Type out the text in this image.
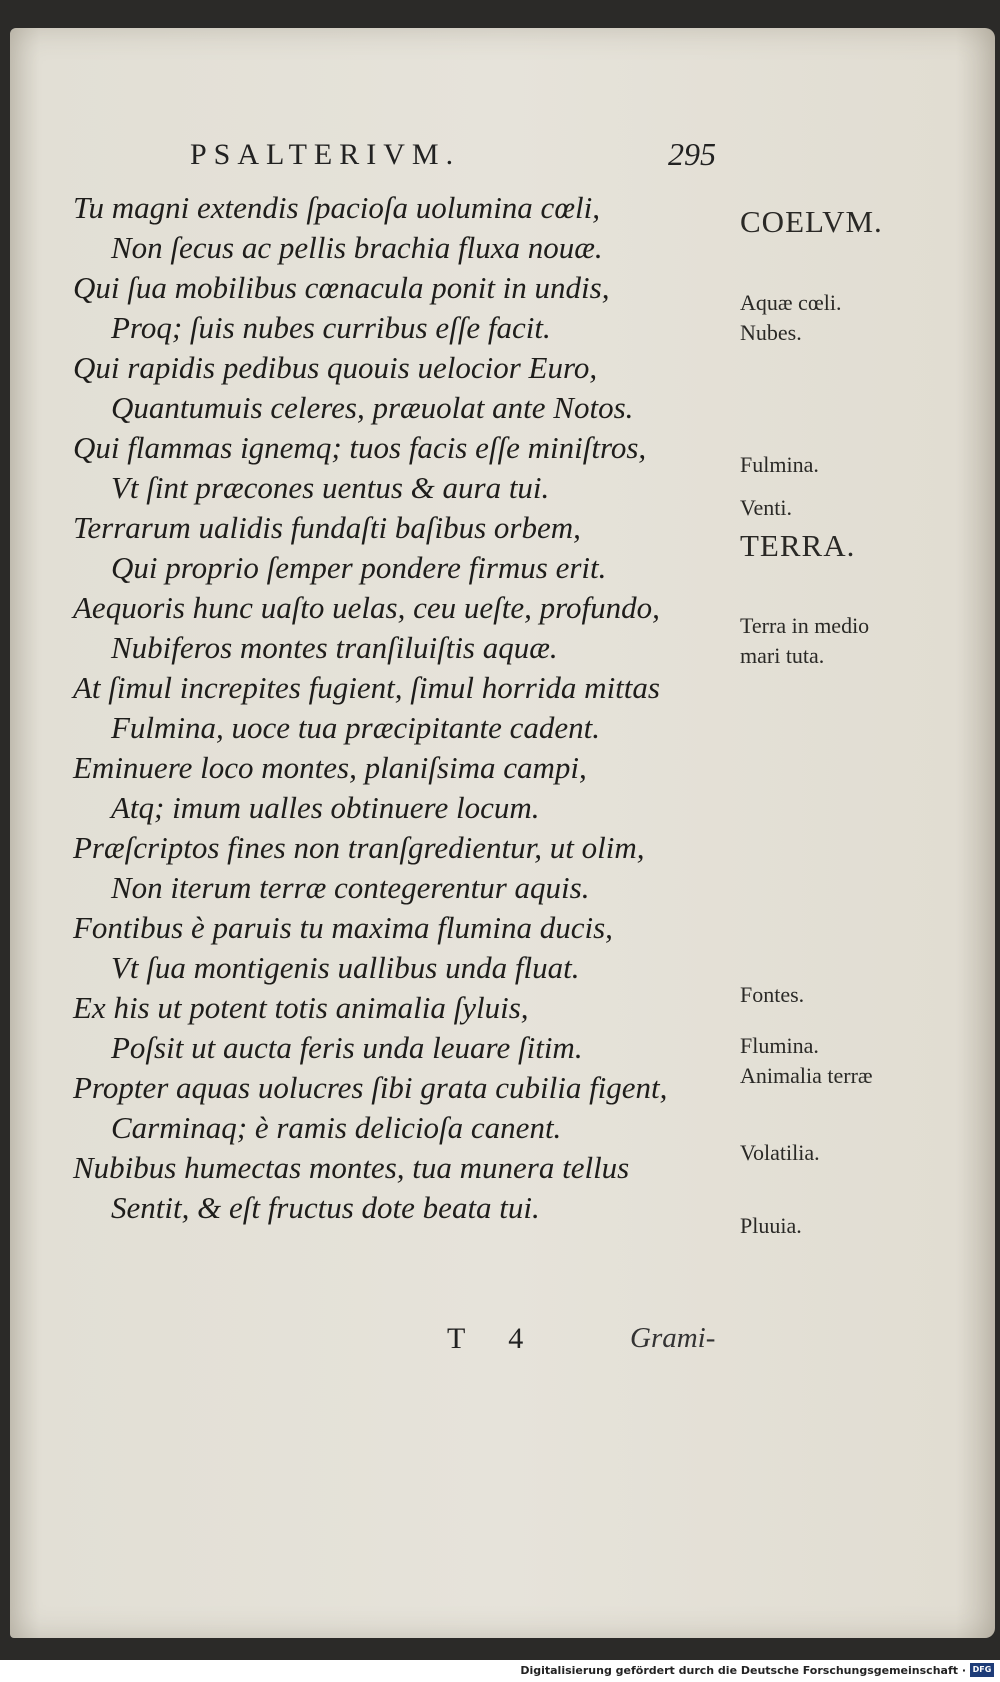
PSALTERIVM.	295
Tu magni extendis ſpacioſa uolumina cœli,
Non ſecus ac pellis brachia fluxa nouæ.
Qui ſua mobilibus cœnacula ponit in undis,
Proq; ſuis nubes curribus eſſe facit.
Qui rapidis pedibus quouis uelocior Euro,
Quantumuis celeres, præuolat ante Notos.
Qui flammas ignemq; tuos facis eſſe miniſtros,
Vt ſint præcones uentus & aura tui.
Terrarum ualidis fundaſti baſibus orbem,
Qui proprio ſemper pondere firmus erit.
Aequoris hunc uaſto uelas, ceu ueſte, profundo,
Nubiferos montes tranſiluiſtis aquæ.
At ſimul increpites fugient, ſimul horrida mittas
Fulmina, uoce tua præcipitante cadent.
Eminuere loco montes, planiſsima campi,
Atq; imum ualles obtinuere locum.
Præſcriptos fines non tranſgredientur, ut olim,
Non iterum terræ contegerentur aquis.
Fontibus è paruis tu maxima flumina ducis,
Vt ſua montigenis uallibus unda fluat.
Ex his ut potent totis animalia ſyluis,
Poſsit ut aucta feris unda leuare ſitim.
Propter aquas uolucres ſibi grata cubilia figent,
Carminaq; è ramis delicioſa canent.
Nubibus humectas montes, tua munera tellus
Sentit, & eſt fructus dote beata tui.
COELVM.
Aquæ cœli.
Nubes.
Fulmina.
Venti.
TERRA.
Terra in medio
mari tuta.
Fontes.
Flumina.
Animalia terræ
Volatilia.
Pluuia.
T 4	Grami-
Digitalisierung gefördert durch die Deutsche Forschungsgemeinschaft · DFG
